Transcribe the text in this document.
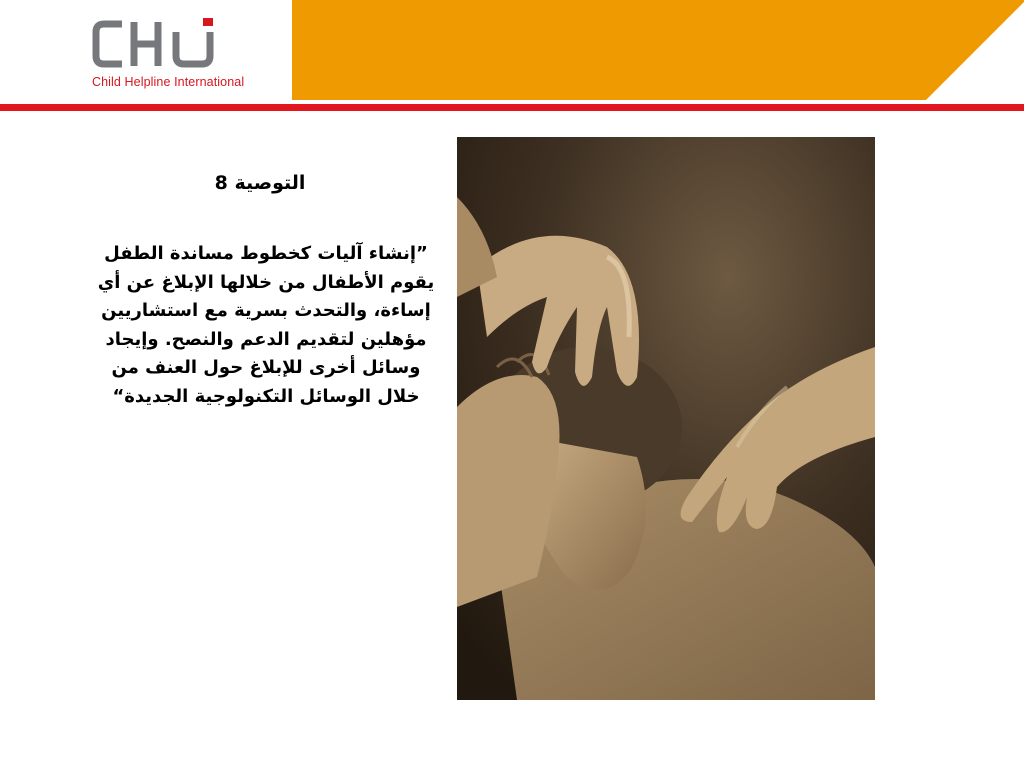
Child Helpline International
التوصية 8
”إنشاء آليات كخطوط مساندة الطفل يقوم الأطفال من خلالها الإبلاغ عن أي إساءة، والتحدث بسرية مع استشاريين مؤهلين لتقديم الدعم والنصح. وإيجاد وسائل أخرى للإبلاغ حول العنف من خلال الوسائل التكنولوجية الجديدة“
